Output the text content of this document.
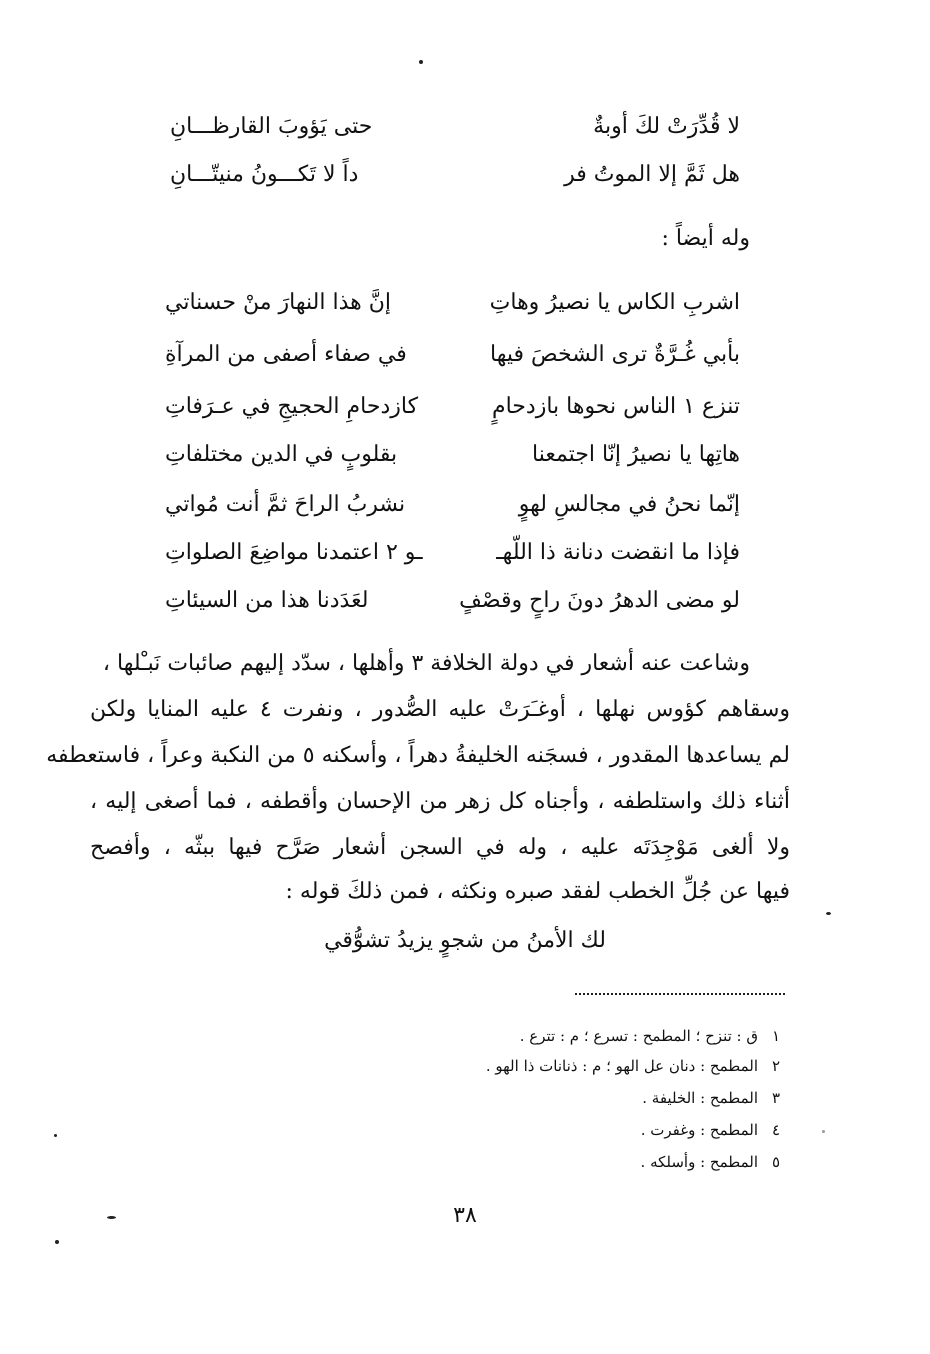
لا قُدِّرَتْ لكَ أوبةٌ
حتى يَؤوبَ القارظـــانِ
هل ثَمَّ إلا الموتُ فر
داً لا تَكـــونُ منيتّـــانِ
وله أيضاً :
اشربِ الكاس يا نصيرُ وهاتِ
إنَّ هذا النهارَ منْ حسناتي
بأبي غُـرَّةٌ ترى الشخصَ فيها
في صفاء أصفى من المرآةِ
تنزع ١ الناس نحوها بازدحامٍ
كازدحامِ الحجيجِ في عـرَفاتِ
هاتِها يا نصيرُ إنّا اجتمعنا
بقلوبٍ في الدين مختلفاتِ
إنّما نحنُ في مجالسِ لهوٍ
نشربُ الراحَ ثمَّ أنت مُواتي
فإذا ما انقضت دنانة ذا اللّهـ
ـو ٢ اعتمدنا مواضِعَ الصلواتِ
لو مضى الدهرُ دونَ راحٍ وقصْفٍ
لعَدَدنا هذا من السيئاتِ
وشاعت عنه أشعار في دولة الخلافة ٣ وأهلها ، سدّد إليهم صائبات نَبـْلها ،
وسقاهم كؤوس نهلها ، أوغـَرَتْ عليه الصُّدور ، ونفرت ٤ عليه المنايا ولكن
لم يساعدها المقدور ، فسجَنه الخليفةُ دهراً ، وأسكنه ٥ من النكبة وعراً ، فاستعطفه
أثناء ذلك واستلطفه ، وأجناه كل زهر من الإحسان وأقطفه ، فما أصغى إليه ،
ولا ألغى مَوْجِدَتَه عليه ، وله في السجن أشعار صَرَّح فيها ببثّه ، وأفصح
فيها عن جُلِّ الخطب لفقد صبره ونكثه ، فمن ذلكَ قوله :
لك الأمنُ من شجوٍ يزيدُ تشوُّقي
١ق : تنزح ؛ المطمح : تسرع ؛ م : تترع .
٢المطمح : دنان عل الهو ؛ م : ذنانات ذا الهو .
٣المطمح : الخليفة .
٤المطمح : وغفرت .
٥المطمح : وأسلكه .
٣٨
